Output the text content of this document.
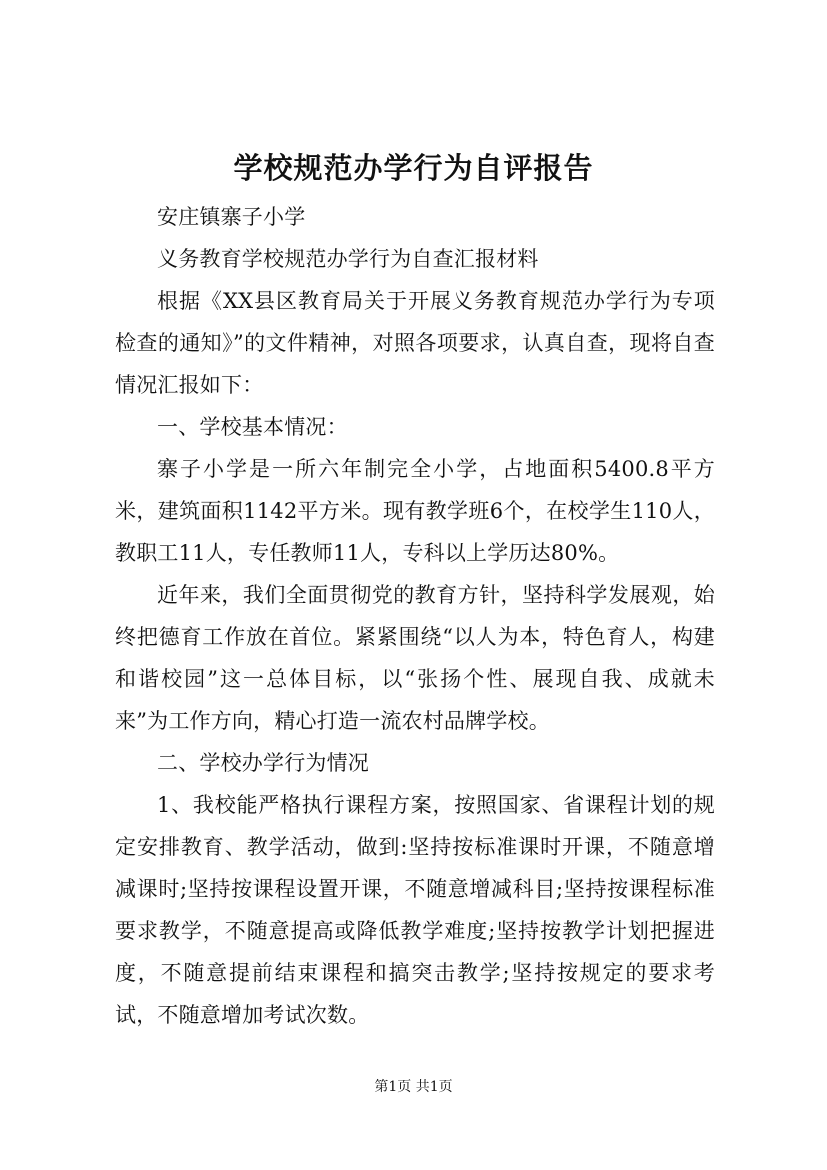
学校规范办学行为自评报告

安庄镇寨子小学

义务教育学校规范办学行为自查汇报材料

根据《XX县区教育局关于开展义务教育规范办学行为专项检查的通知》”的文件精神，对照各项要求，认真自查，现将自查情况汇报如下：

一、学校基本情况：

寨子小学是一所六年制完全小学，占地面积5400.8平方米，建筑面积1142平方米。现有教学班6个，在校学生110人，教职工11人，专任教师11人，专科以上学历达80%。

近年来，我们全面贯彻党的教育方针，坚持科学发展观，始终把德育工作放在首位。紧紧围绕“以人为本，特色育人，构建和谐校园”这一总体目标，以“张扬个性、展现自我、成就未来”为工作方向，精心打造一流农村品牌学校。

二、学校办学行为情况

1、我校能严格执行课程方案，按照国家、省课程计划的规定安排教育、教学活动，做到:坚持按标准课时开课，不随意增减课时;坚持按课程设置开课，不随意增减科目;坚持按课程标准要求教学，不随意提高或降低教学难度;坚持按教学计划把握进度，不随意提前结束课程和搞突击教学;坚持按规定的要求考试，不随意增加考试次数。

第1页 共1页
